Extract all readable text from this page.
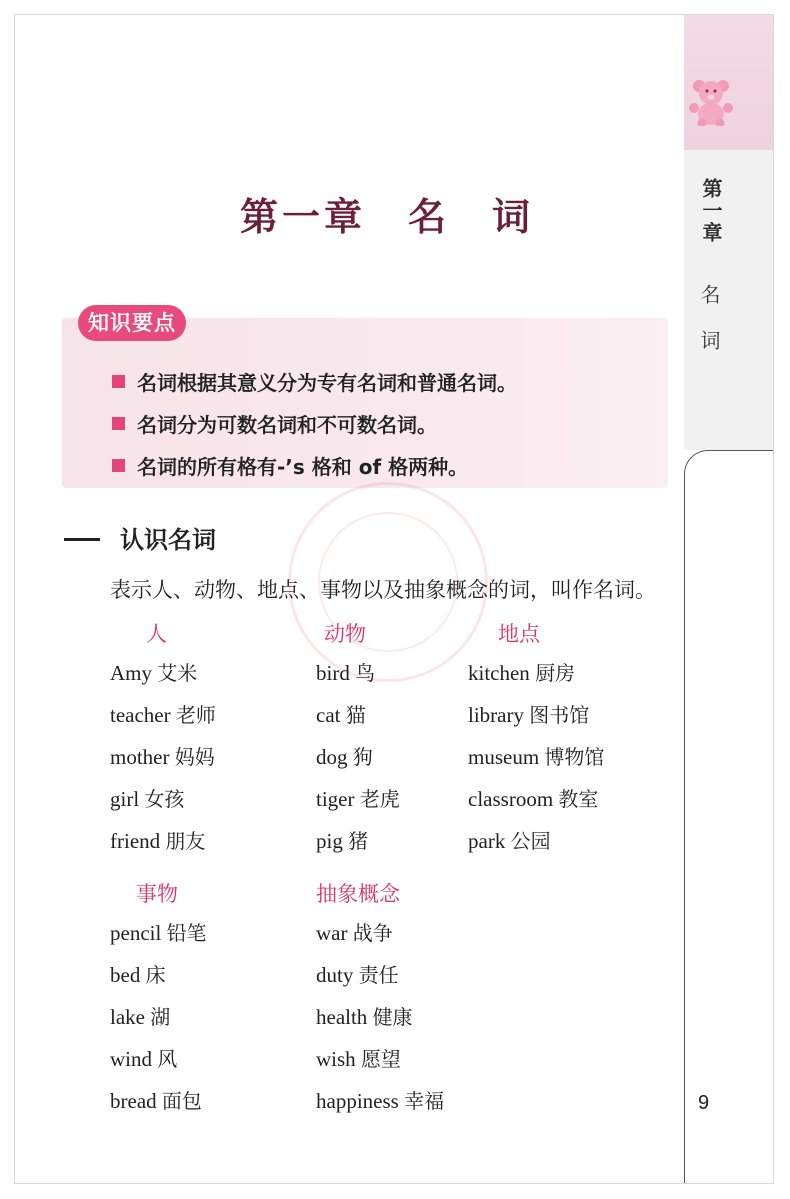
第一章
名词
9
第一章　名　词
知识要点
名词根据其意义分为专有名词和普通名词。
名词分为可数名词和不可数名词。
名词的所有格有-’s 格和 of 格两种。
认识名词

表示人、动物、地点、事物以及抽象概念的词，叫作名词。

人
Amy 艾米
teacher 老师
mother 妈妈
girl 女孩
friend 朋友
动物
bird 鸟
cat 猫
dog 狗
tiger 老虎
pig 猪
地点
kitchen 厨房
library 图书馆
museum 博物馆
classroom 教室
park 公园
事物
pencil 铅笔
bed 床
lake 湖
wind 风
bread 面包
抽象概念
war 战争
duty 责任
health 健康
wish 愿望
happiness 幸福
